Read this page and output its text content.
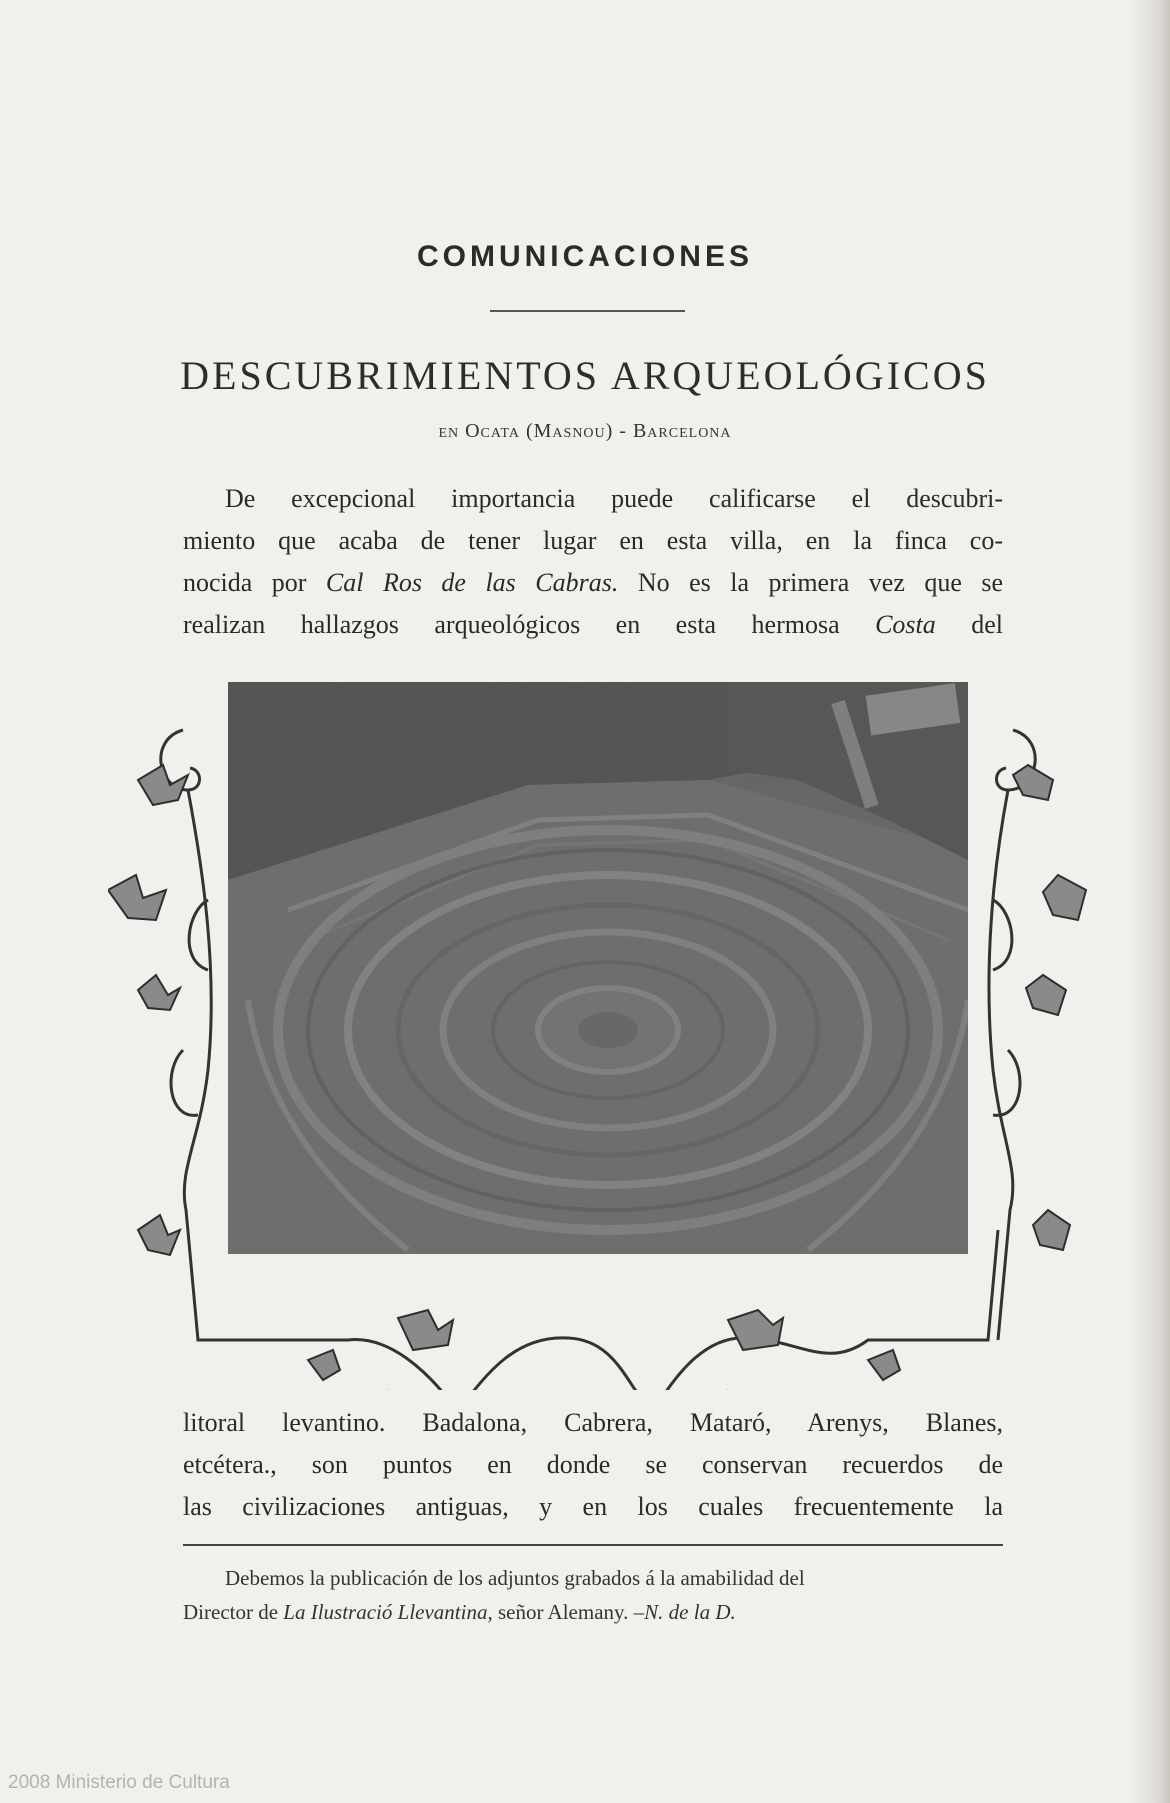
COMUNICACIONES
DESCUBRIMIENTOS ARQUEOLÓGICOS
en Ocata (Masnou) - Barcelona
De excepcional importancia puede calificarse el descubri-
miento que acaba de tener lugar en esta villa, en la finca co-
nocida por Cal Ros de las Cabras. No es la primera vez que se
realizan hallazgos arqueológicos en esta hermosa Costa del
litoral levantino. Badalona, Cabrera, Mataró, Arenys, Blanes,
etcétera., son puntos en donde se conservan recuerdos de
las civilizaciones antiguas, y en los cuales frecuentemente la
Debemos la publicación de los adjuntos grabados á la amabilidad del
Director de La Ilustració Llevantina, señor Alemany. –N. de la D.
2008 Ministerio de Cultura
